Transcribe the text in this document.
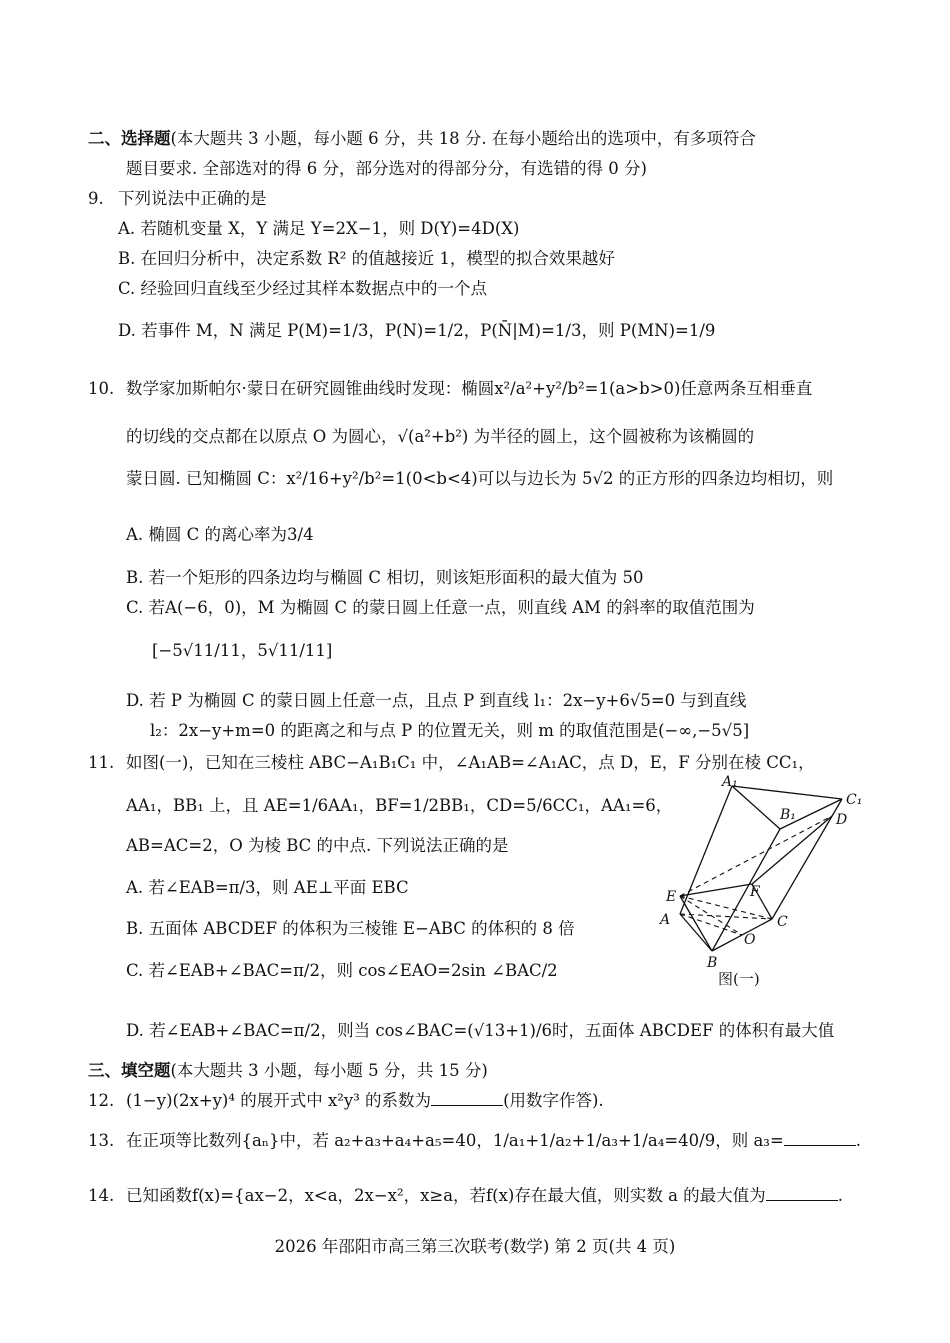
二、选择题(本大题共 3 小题，每小题 6 分，共 18 分. 在每小题给出的选项中，有多项符合
题目要求. 全部选对的得 6 分，部分选对的得部分分，有选错的得 0 分)
9. 下列说法中正确的是
A. 若随机变量 X，Y 满足 Y=2X−1，则 D(Y)=4D(X)
B. 在回归分析中，决定系数 R² 的值越接近 1，模型的拟合效果越好
C. 经验回归直线至少经过其样本数据点中的一个点
D. 若事件 M，N 满足 P(M)=1/3，P(N)=1/2，P(N̄|M)=1/3，则 P(MN)=1/9
10. 数学家加斯帕尔·蒙日在研究圆锥曲线时发现：椭圆x²/a²+y²/b²=1(a>b>0)任意两条互相垂直
的切线的交点都在以原点 O 为圆心，√(a²+b²) 为半径的圆上，这个圆被称为该椭圆的
蒙日圆. 已知椭圆 C：x²/16+y²/b²=1(0<b<4)可以与边长为 5√2 的正方形的四条边均相切，则
A. 椭圆 C 的离心率为3/4
B. 若一个矩形的四条边均与椭圆 C 相切，则该矩形面积的最大值为 50
C. 若A(−6，0)，M 为椭圆 C 的蒙日圆上任意一点，则直线 AM 的斜率的取值范围为
[−5√11/11，5√11/11]
D. 若 P 为椭圆 C 的蒙日圆上任意一点，且点 P 到直线 l₁：2x−y+6√5=0 与到直线
l₂：2x−y+m=0 的距离之和与点 P 的位置无关，则 m 的取值范围是(−∞,−5√5]
11. 如图(一)，已知在三棱柱 ABC−A₁B₁C₁ 中，∠A₁AB=∠A₁AC，点 D，E，F 分别在棱 CC₁，
AA₁，BB₁ 上，且 AE=1/6AA₁，BF=1/2BB₁，CD=5/6CC₁，AA₁=6，
AB=AC=2，O 为棱 BC 的中点. 下列说法正确的是
A. 若∠EAB=π/3，则 AE⊥平面 EBC
B. 五面体 ABCDEF 的体积为三棱锥 E−ABC 的体积的 8 倍
C. 若∠EAB+∠BAC=π/2，则 cos∠EAO=2sin ∠BAC/2
D. 若∠EAB+∠BAC=π/2，则当 cos∠BAC=(√13+1)/6时，五面体 ABCDEF 的体积有最大值
A₁
B₁
C₁
D
E	F
A	C
O
B
图(一)
三、填空题(本大题共 3 小题，每小题 5 分，共 15 分)
12. (1−y)(2x+y)⁴ 的展开式中 x²y³ 的系数为	(用数字作答).
13. 在正项等比数列{aₙ}中，若 a₂+a₃+a₄+a₅=40，1/a₁+1/a₂+1/a₃+1/a₄=40/9，则 a₃=	.
14. 已知函数f(x)={ax−2，x<a，2x−x²，x≥a，若f(x)存在最大值，则实数 a 的最大值为	.
2026 年邵阳市高三第三次联考(数学) 第 2 页(共 4 页)
